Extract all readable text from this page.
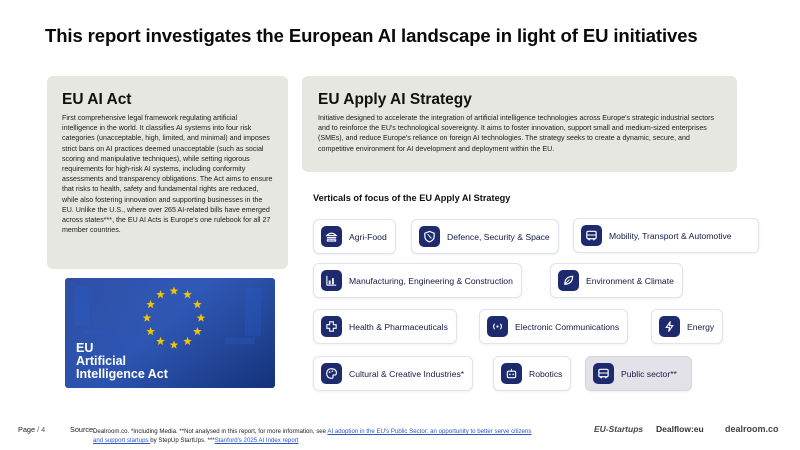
This report investigates the European AI landscape in light of EU initiatives
EU AI Act

First comprehensive legal framework regulating artificial intelligence in the world. It classifies AI systems into four risk categories (unacceptable, high, limited, and minimal) and imposes strict bans on AI practices deemed unacceptable (such as social scoring and manipulative techniques), while setting rigorous requirements for high-risk AI systems, including conformity assessments and transparency obligations. The Act aims to ensure that risks to health, safety and fundamental rights are reduced, while also fostering innovation and supporting businesses in the EU. Unlike the U.S., where over 265 AI-related bills have emerged across states***, the EU AI Acts is Europe's one rulebook for all 27 member countries.

EU
Artificial
Intelligence Act
EU Apply AI Strategy

Initiative designed to accelerate the integration of artificial intelligence technologies across Europe's strategic industrial sectors and to reinforce the EU's technological sovereignty. It aims to foster innovation, support small and medium-sized enterprises (SMEs), and reduce Europe's reliance on foreign AI technologies. The strategy seeks to create a dynamic, secure, and competitive environment for AI development and deployment within the EU.

Verticals of focus of the EU Apply AI Strategy
Agri-Food	Defence, Security & Space	Mobility, Transport & Automotive
Manufacturing, Engineering & Construction	Environment & Climate
Health & Pharmaceuticals	Electronic Communications	Energy
Cultural & Creative Industries*	Robotics	Public sector**
Page / 4	Source:
Dealroom.co. *Including Media. **Not analysed in this report, for more information, see AI adoption in the EU's Public Sector: an opportunity to better serve citizens and support startups by StepUp StartUps. ***Stanford's 2025 AI Index report
EU-Startups Dealflow:eu dealroom.co
